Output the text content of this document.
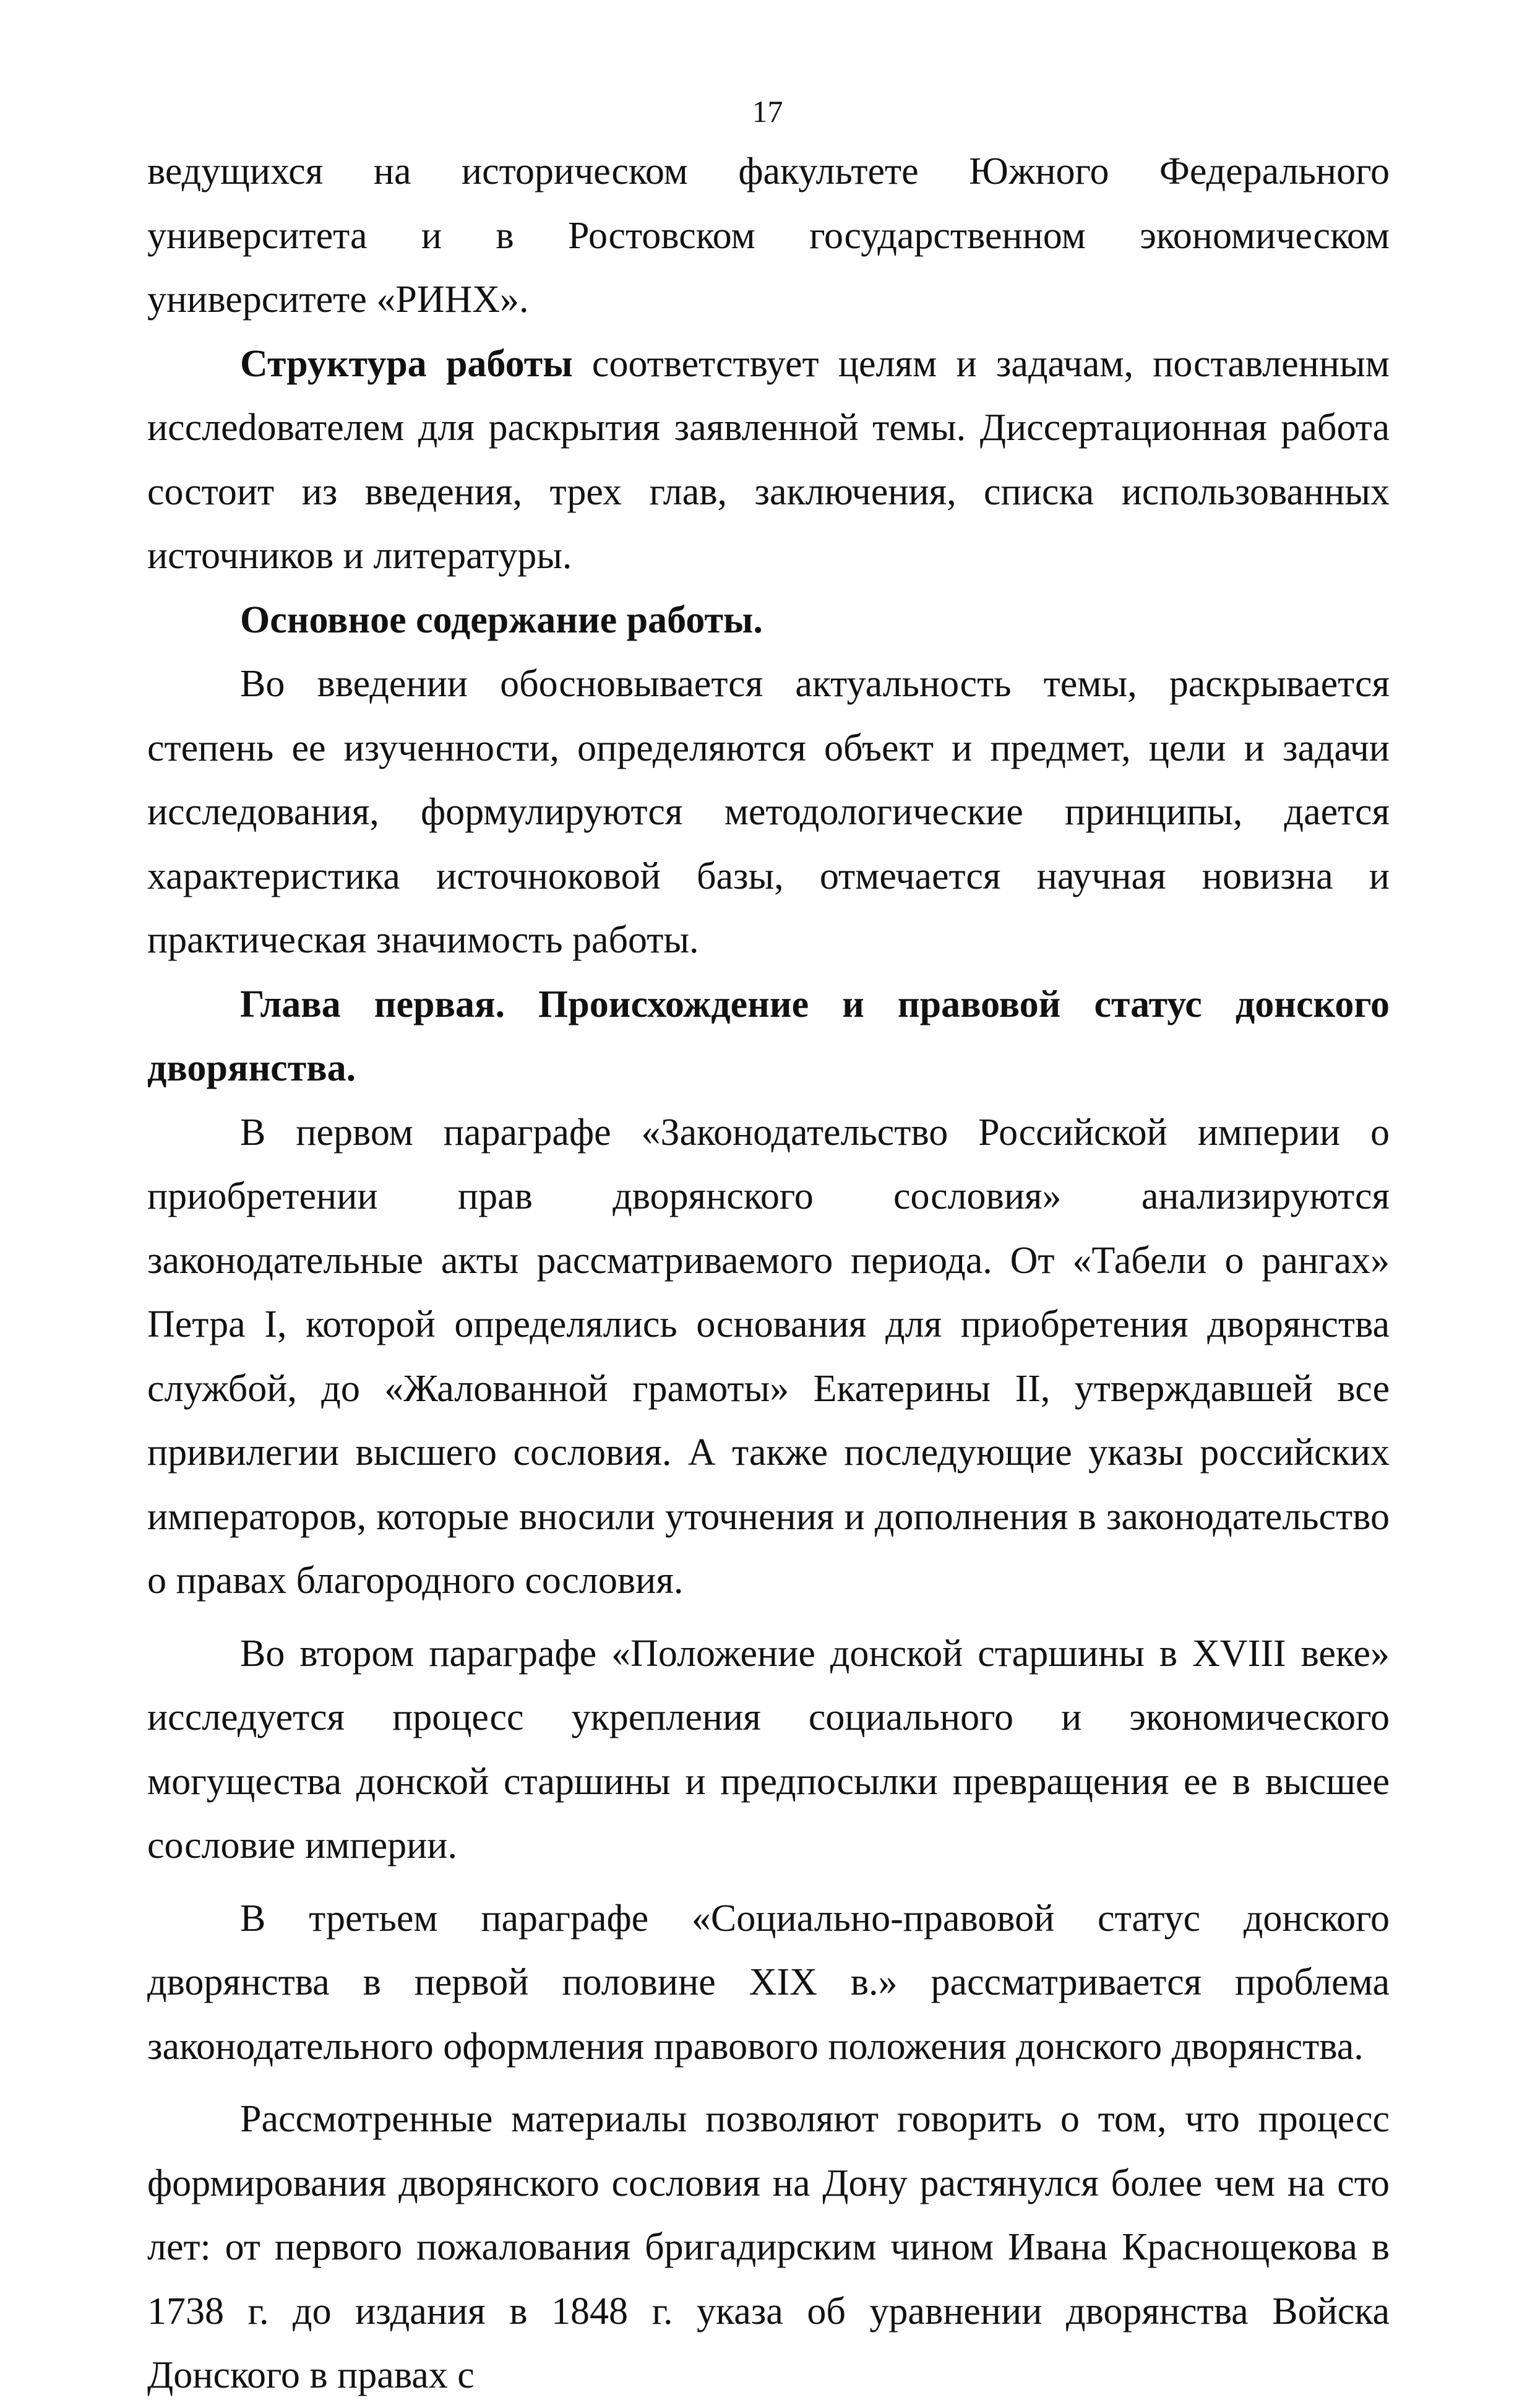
17

ведущихся на историческом факультете Южного Федерального университета и в Ростовском государственном экономическом университете «РИНХ».

Структура работы соответствует целям и задачам, поставленным исслеdователем для раскрытия заявленной темы. Диссертационная работа состоит из введения, трех глав, заключения, списка использованных источников и литературы.

Основное содержание работы.

Во введении обосновывается актуальность темы, раскрывается степень ее изученности, определяются объект и предмет, цели и задачи исследования, формулируются методологические принципы, дается характеристика источноковой базы, отмечается научная новизна и практическая значимость работы.

Глава первая. Происхождение и правовой статус донского дворянства.

В первом параграфе «Законодательство Российской империи о приобретении прав дворянского сословия» анализируются законодательные акты рассматриваемого периода. От «Табели о рангах» Петра I, которой определялись основания для приобретения дворянства службой, до «Жалованной грамоты» Екатерины II, утверждавшей все привилегии высшего сословия. А также последующие указы российских императоров, которые вносили уточнения и дополнения в законодательство о правах благородного сословия.

Во втором параграфе «Положение донской старшины в XVIII веке» исследуется процесс укрепления социального и экономического могущества донской старшины и предпосылки превращения ее в высшее сословие империи.

В третьем параграфе «Социально-правовой статус донского дворянства в первой половине XIX в.» рассматривается проблема законодательного оформления правового положения донского дворянства.

Рассмотренные материалы позволяют говорить о том, что процесс формирования дворянского сословия на Дону растянулся более чем на сто лет: от первого пожалования бригадирским чином Ивана Краснощекова в 1738 г. до издания в 1848 г. указа об уравнении дворянства Войска Донского в правах с
